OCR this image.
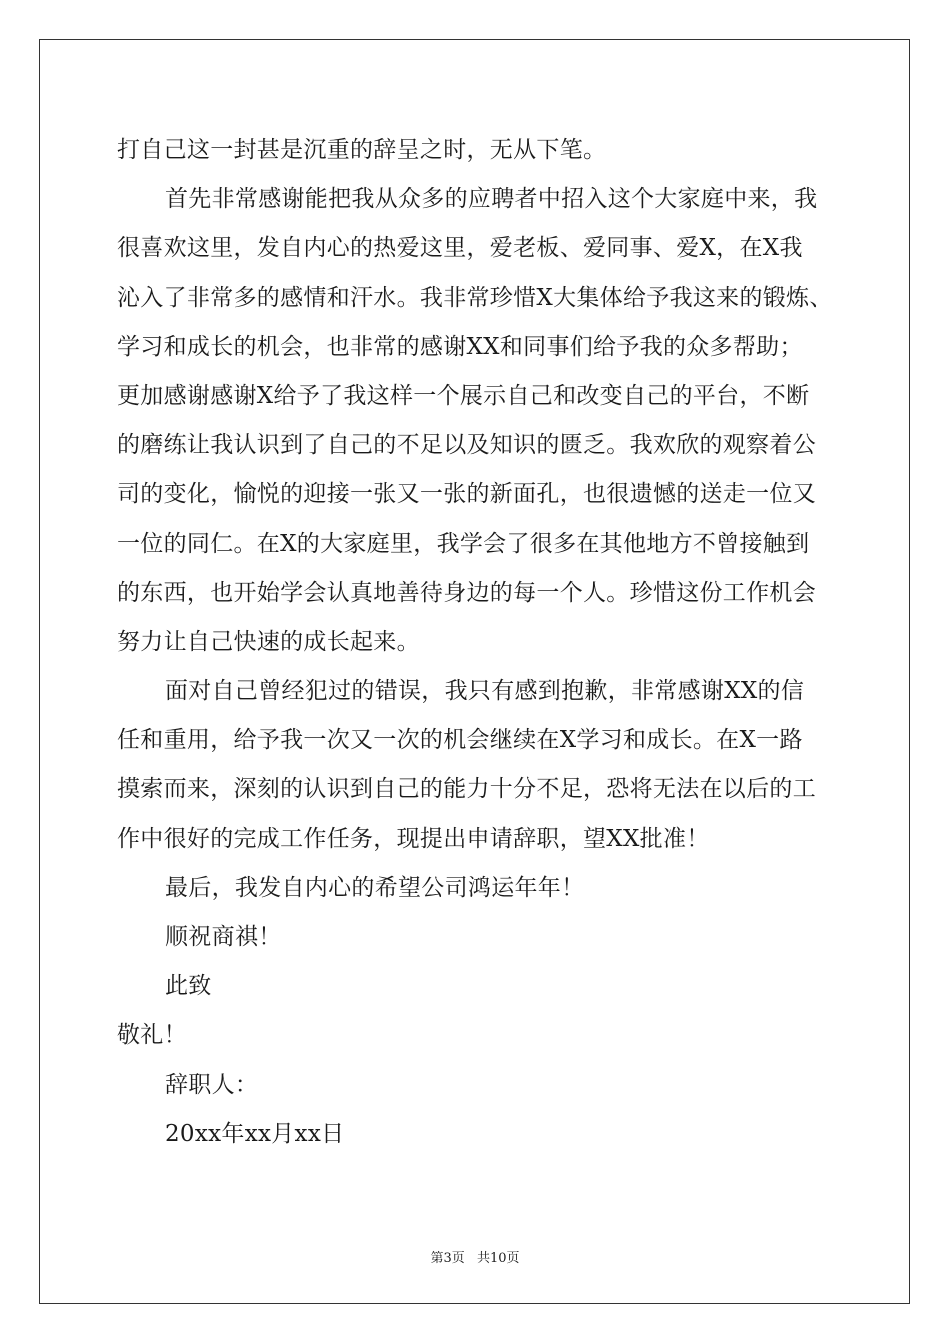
打自己这一封甚是沉重的辞呈之时，无从下笔。
首先非常感谢能把我从众多的应聘者中招入这个大家庭中来，我
很喜欢这里，发自内心的热爱这里，爱老板、爱同事、爱X，在X我
沁入了非常多的感情和汗水。我非常珍惜X大集体给予我这来的锻炼、
学习和成长的机会，也非常的感谢XX和同事们给予我的众多帮助；
更加感谢感谢X给予了我这样一个展示自己和改变自己的平台，不断
的磨练让我认识到了自己的不足以及知识的匮乏。我欢欣的观察着公
司的变化，愉悦的迎接一张又一张的新面孔，也很遗憾的送走一位又
一位的同仁。在X的大家庭里，我学会了很多在其他地方不曾接触到
的东西，也开始学会认真地善待身边的每一个人。珍惜这份工作机会
努力让自己快速的成长起来。
面对自己曾经犯过的错误，我只有感到抱歉，非常感谢XX的信
任和重用，给予我一次又一次的机会继续在X学习和成长。在X一路
摸索而来，深刻的认识到自己的能力十分不足，恐将无法在以后的工
作中很好的完成工作任务，现提出申请辞职，望XX批准！
最后，我发自内心的希望公司鸿运年年！
顺祝商祺！
此致
敬礼！
辞职人：
20xx年xx月xx日
第3页 共10页
